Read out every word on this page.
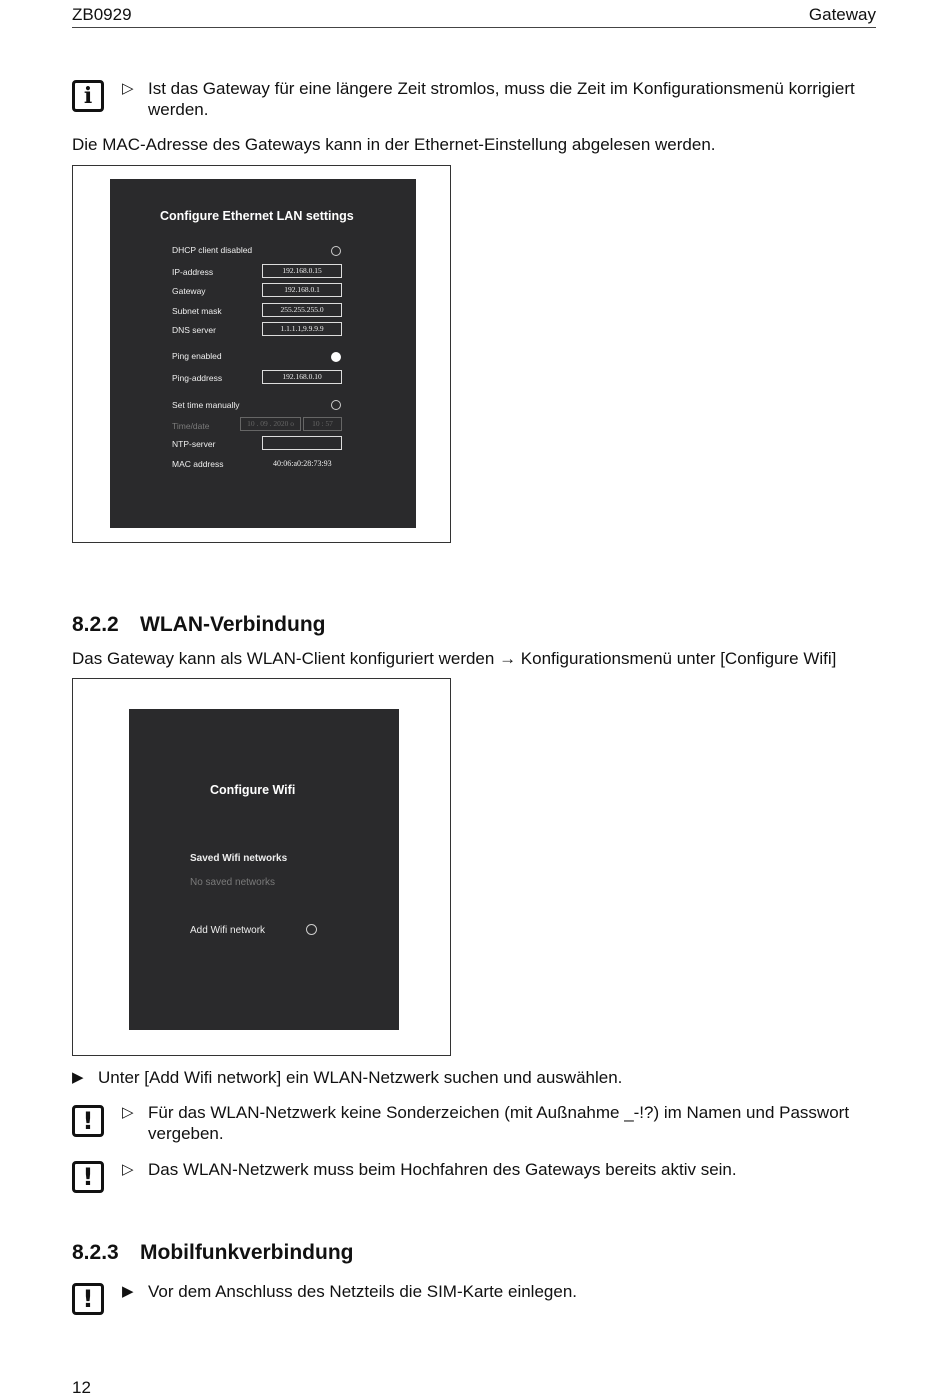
ZB0929	Gateway
i	▷ Ist das Gateway für eine längere Zeit stromlos, muss die Zeit im Konfigurationsmenü korrigiert werden.
Die MAC-Adresse des Gateways kann in der Ethernet-Einstellung abgelesen werden.
Configure Ethernet LAN settings
DHCP client disabled
IP-address	192.168.0.15
Gateway	192.168.0.1
Subnet mask	255.255.255.0
DNS server	1.1.1.1,9.9.9.9
Ping enabled
Ping-address	192.168.0.10
Set time manually
Time/date	10 . 09 . 2020 o	10 : 57
NTP-server
MAC address	40:06:a0:28:73:93
8.2.2 WLAN-Verbindung
Das Gateway kann als WLAN-Client konfiguriert werden → Konfigurationsmenü unter [Configure Wifi]
Configure Wifi
Saved Wifi networks
No saved networks
Add Wifi network
▶ Unter [Add Wifi network] ein WLAN-Netzwerk suchen und auswählen.
!	▷ Für das WLAN-Netzwerk keine Sonderzeichen (mit Außnahme _-!?) im Namen und Passwort vergeben.
!	▷ Das WLAN-Netzwerk muss beim Hochfahren des Gateways bereits aktiv sein.
8.2.3 Mobilfunkverbindung
!	▶ Vor dem Anschluss des Netzteils die SIM-Karte einlegen.
12
